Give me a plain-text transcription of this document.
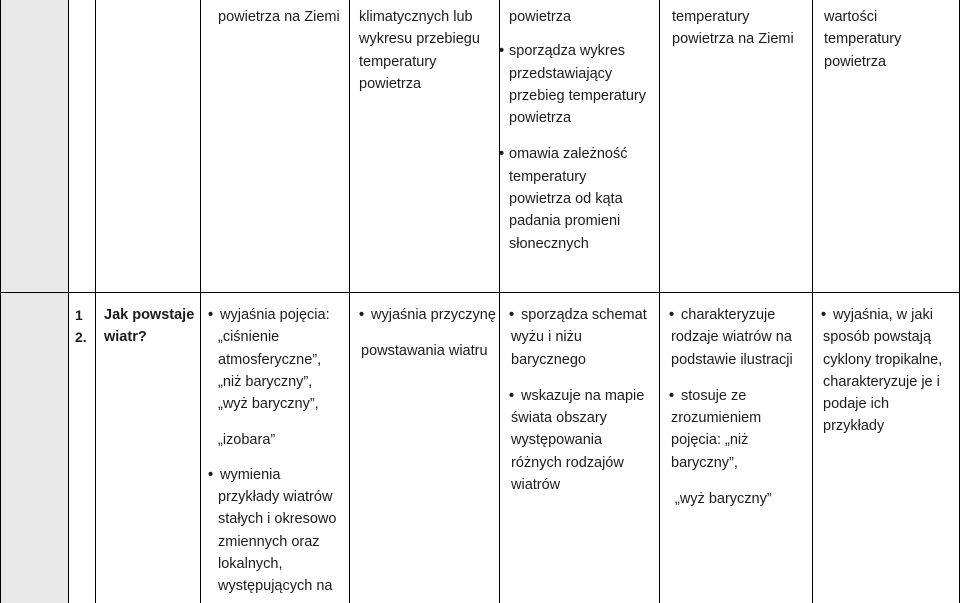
powietrza na Ziemi	klimatycznych lub
wykresu przebiegu
temperatury
powietrza
powietrza
• sporządza wykres
przedstawiający
przebieg temperatury
powietrza
• omawia zależność
temperatury
powietrza od kąta
padania promieni
słonecznych
temperatury
powietrza na Ziemi
wartości
temperatury
powietrza
1
2.
Jak powstaje
wiatr?
• wyjaśnia pojęcia:
„ciśnienie
atmosferyczne”,
„niż baryczny”,
„wyż baryczny”,
„izobara”
• wymienia
przykłady wiatrów
stałych i okresowo
zmiennych oraz
lokalnych,
występujących na
• wyjaśnia przyczynę
powstawania wiatru
• sporządza schemat
wyżu i niżu
barycznego
• wskazuje na mapie
świata obszary
występowania
różnych rodzajów
wiatrów
• charakteryzuje
rodzaje wiatrów na
podstawie ilustracji
• stosuje ze
zrozumieniem
pojęcia: „niż
baryczny”,
„wyż baryczny”
• wyjaśnia, w jaki
sposób powstają
cyklony tropikalne,
charakteryzuje je i
podaje ich
przykłady
